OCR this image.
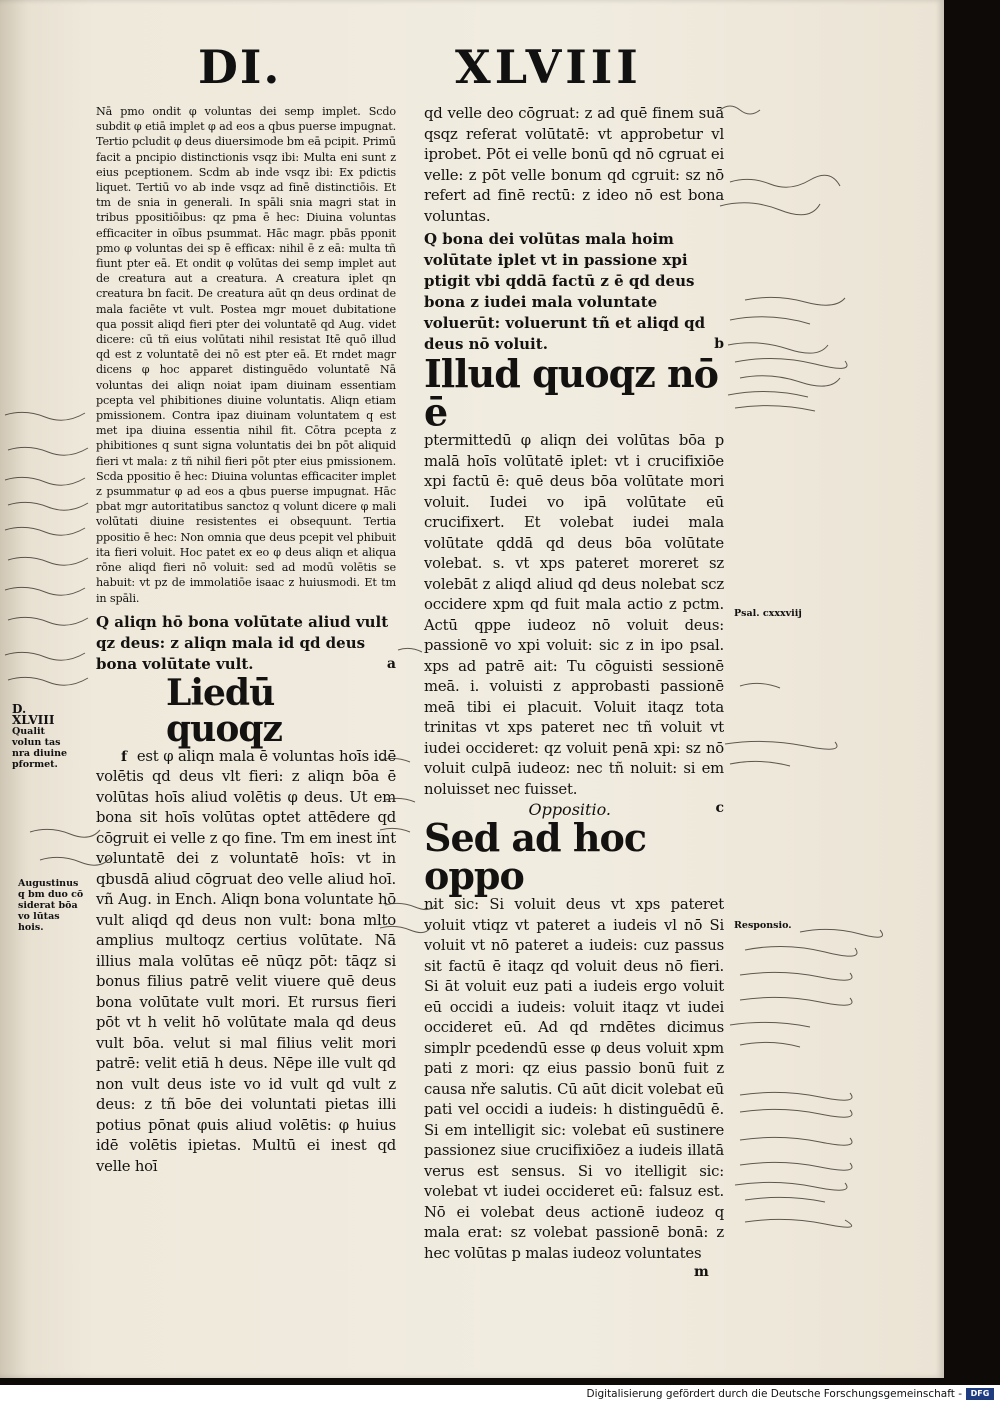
DI.	XLVIII

Nā pmo ondit φ voluntas dei semp implet. Scdo subdit φ etiā implet φ ad eos a qbus puerse impugnat. Tertio pcludit φ deus diuersimode bm eā pcipit. Primū facit a pncipio distinctionis vsqz ibi: Multa eni sunt z eius pceptionem. Scdm ab inde vsqz ibi: Ex pdictis liquet. Tertiū vo ab inde vsqz ad finē distinctiōis. Et tm de snia in generali. In spāli snia magri stat in tribus ppositiōibus: qz pma ē hec: Diuina voluntas efficaciter in oībus psummat. Hāc magr. pbās pponit pmo φ voluntas dei sp ē efficax: nihil ē z eā: multa tñ fiunt pter eā. Et ondit φ volūtas dei semp implet aut de creatura aut a creatura. A creatura iplet qn creatura bn facit. De creatura aūt qn deus ordinat de mala faciēte vt vult. Postea mgr mouet dubitatione qua possit aliqd fieri pter dei voluntatē qd Aug. videt dicere: cū tñ eius volūtati nihil resistat Itē quō illud qd est z voluntatē dei nō est pter eā. Et rndet magr dicens φ hoc apparet distinguēdo voluntatē Nā voluntas dei aliqn noiat ipam diuinam essentiam pcepta vel phibitiones diuine voluntatis. Aliqn etiam pmissionem. Contra ipaz diuinam voluntatem q est met ipa diuina essentia nihil fit. Cōtra pcepta z phibitiones q sunt signa voluntatis dei bn pōt aliquid fieri vt mala: z tñ nihil fieri pōt pter eius pmissionem. Scda ppositio ē hec: Diuina voluntas efficaciter implet z psummatur φ ad eos a qbus puerse impugnat. Hāc pbat mgr autoritatibus sanctoz q volunt dicere φ mali volūtati diuine resistentes ei obsequunt. Tertia ppositio ē hec: Non omnia que deus pcepit vel phibuit ita fieri voluit. Hoc patet ex eo φ deus aliqn et aliqua rōne aliqd fieri nō voluit: sed ad modū volētis se habuit: vt pz de immolatiōe isaac z huiusmodi. Et tm in spāli.

Q aliqn hō bona volūtate aliud vult qz deus: z aliqn mala id qd deus bona volūtate vult.	a

Liedū quoqz

f est φ aliqn mala ē voluntas hoīs idē volētis qd deus vlt fieri: z aliqn bōa ē volūtas hoīs aliud volētis φ deus. Ut em bona sit hoīs volūtas optet attēdere qd cōgruit ei velle z qo fine. Tm em inest int voluntatē dei z voluntatē hoīs: vt in qbusdā aliud cōgruat deo velle aliud hoī. vñ Aug. in Ench. Aliqn bona voluntate hō vult aliqd qd deus non vult: bona mlto amplius multoqz certius volūtate. Nā illius mala volūtas eē nūqz pōt: tāqz si bonus filius patrē velit viuere quē deus bona volūtate vult mori. Et rursus fieri pōt vt h velit hō volūtate mala qd deus vult bōa. velut si mal filius velit mori patrē: velit etiā h deus. Nēpe ille vult qd non vult deus iste vo id vult qd vult z deus: z tñ bōe dei voluntati pietas illi potius pōnat φuis aliud volētis: φ huius idē volētis ipietas. Multū ei inest qd velle hoī

qd velle deo cōgruat: z ad quē finem suā qsqz referat volūtatē: vt approbetur vl iprobet. Pōt ei velle bonū qd nō cgruat ei velle: z pōt velle bonum qd cgruit: sz nō refert ad finē rectū: z ideo nō est bona voluntas.

Q bona dei volūtas mala hoim volūtate iplet vt in passione xpi ptigit vbi qddā factū z ē qd deus bona z iudei mala voluntate voluerūt: voluerunt tñ et aliqd qd deus nō voluit.	b

Illud quoqz nō ē

ptermittedū φ aliqn dei volūtas bōa p malā hoīs volūtatē iplet: vt i crucifixiōe xpi factū ē: quē deus bōa volūtate mori voluit. Iudei vo ipā volūtate eū crucifixert. Et volebat iudei mala volūtate qddā qd deus bōa volūtate volebat. s. vt xps pateret moreret sz volebāt z aliqd aliud qd deus nolebat scz occidere xpm qd fuit mala actio z pctm. Actū qppe iudeoz nō voluit deus: passionē vo xpi voluit: sic z in ipo psal. xps ad patrē ait: Tu cōguisti sessionē meā. i. voluisti z approbasti passionē meā tibi ei placuit. Voluit itaqz tota trinitas vt xps pateret nec tñ voluit vt iudei occideret: qz voluit penā xpi: sz nō voluit culpā iudeoz: nec tñ noluit: si em noluisset nec fuisset.

Oppositio.	c

Sed ad hoc oppo

nit sic: Si voluit deus vt xps pateret voluit vtiqz vt pateret a iudeis vl nō Si voluit vt nō pateret a iudeis: cuz passus sit factū ē itaqz qd voluit deus nō fieri. Si āt voluit euz pati a iudeis ergo voluit eū occidi a iudeis: voluit itaqz vt iudei occideret eū. Ad qd rndētes dicimus simplr pcedendū esse φ deus voluit xpm pati z mori: qz eius passio bonū fuit z causa nře salutis. Cū aūt dicit volebat eū pati vel occidi a iudeis: h distinguēdū ē. Si em intelligit sic: volebat eū sustinere passionez siue crucifixiōez a iudeis illatā verus est sensus. Si vo itelligit sic: volebat vt iudei occideret eū: falsuz est. Nō ei volebat deus actionē iudeoz q mala erat: sz volebat passionē bonā: z hec volūtas p malas iudeoz voluntates

m

D. XLVIII
Qualit volun tas nra diuine pformet.
Augustinus q bm duo cō siderat bōa vo lūtas hois.
Psal. cxxxviij
Responsio.
Digitalisierung gefördert durch die Deutsche Forschungsgemeinschaft -	DFG
